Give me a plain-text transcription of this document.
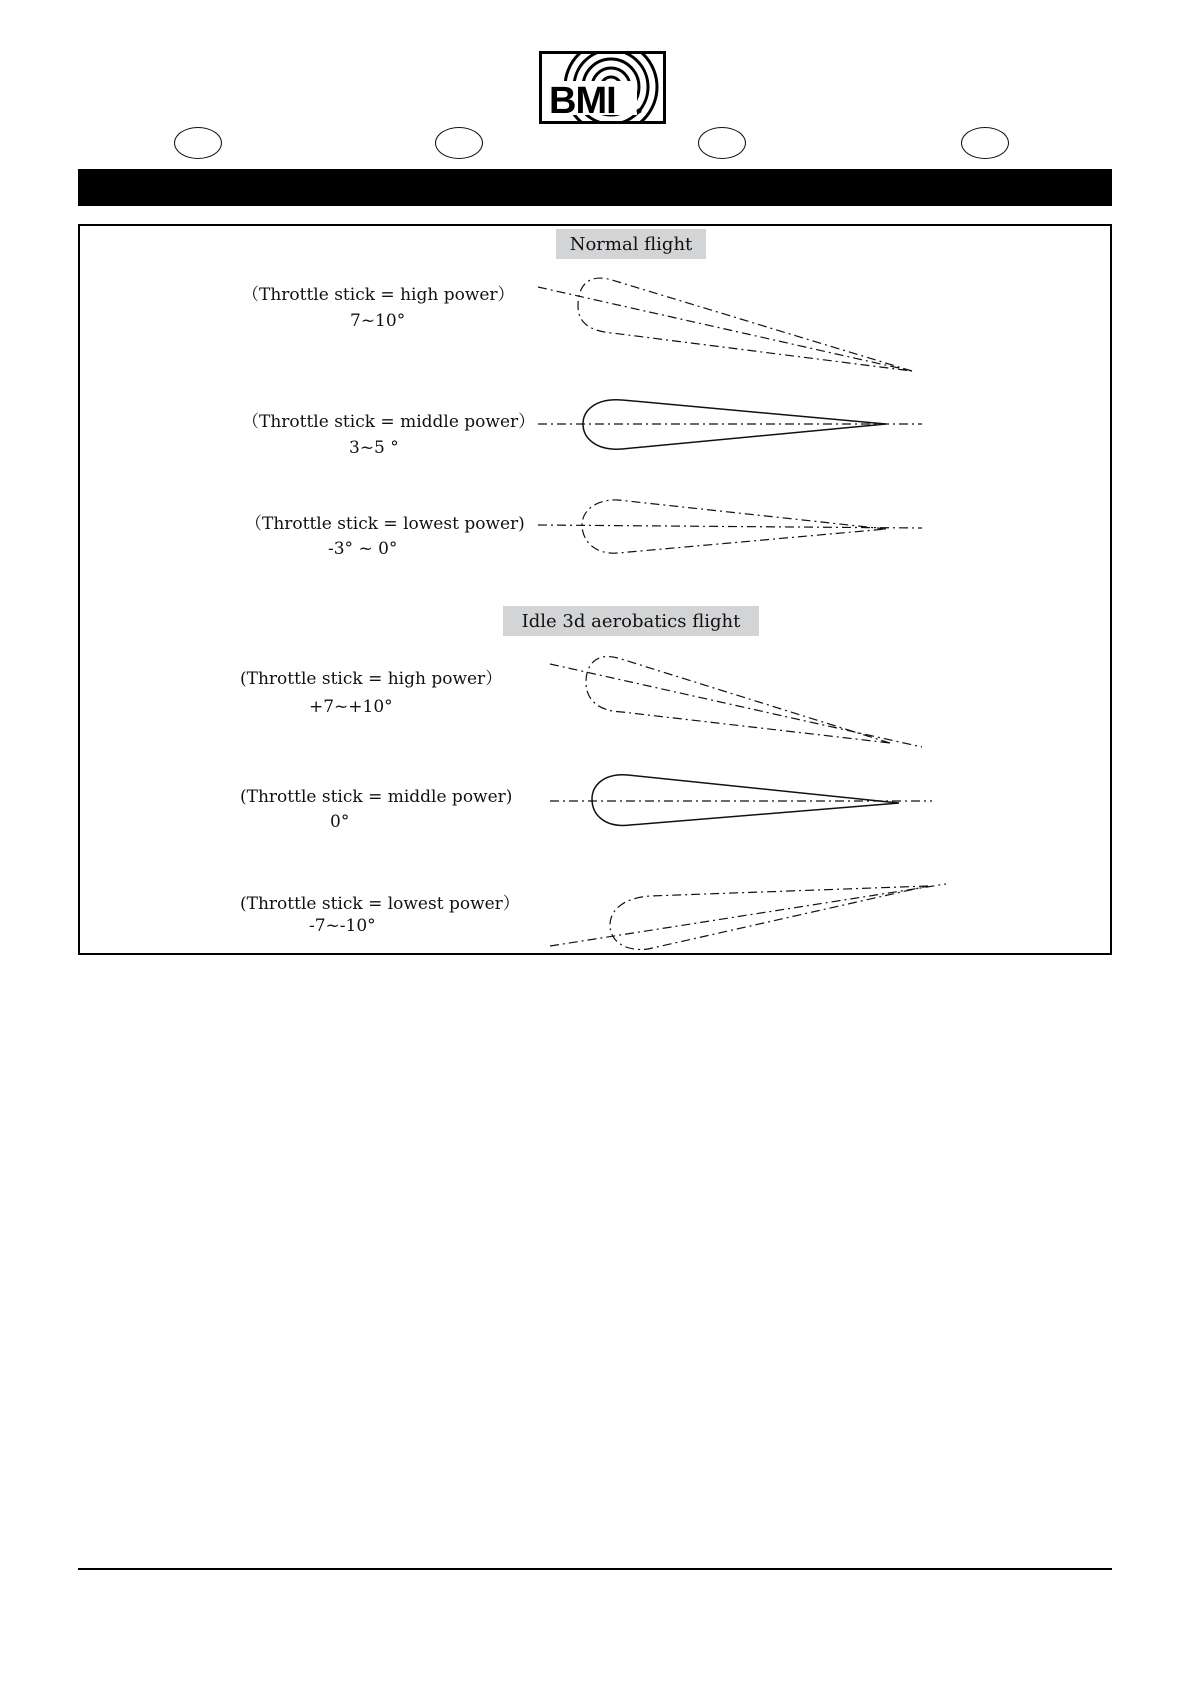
BMI
Normal flight
Idle 3d aerobatics flight
（Throttle stick = high power）
7~10°
（Throttle stick = middle power）
3~5 °
（Throttle stick = lowest power)
-3° ~ 0°
(Throttle stick = high power）
+7~+10°
(Throttle stick = middle power)
0°
(Throttle stick = lowest power）
-7~-10°
